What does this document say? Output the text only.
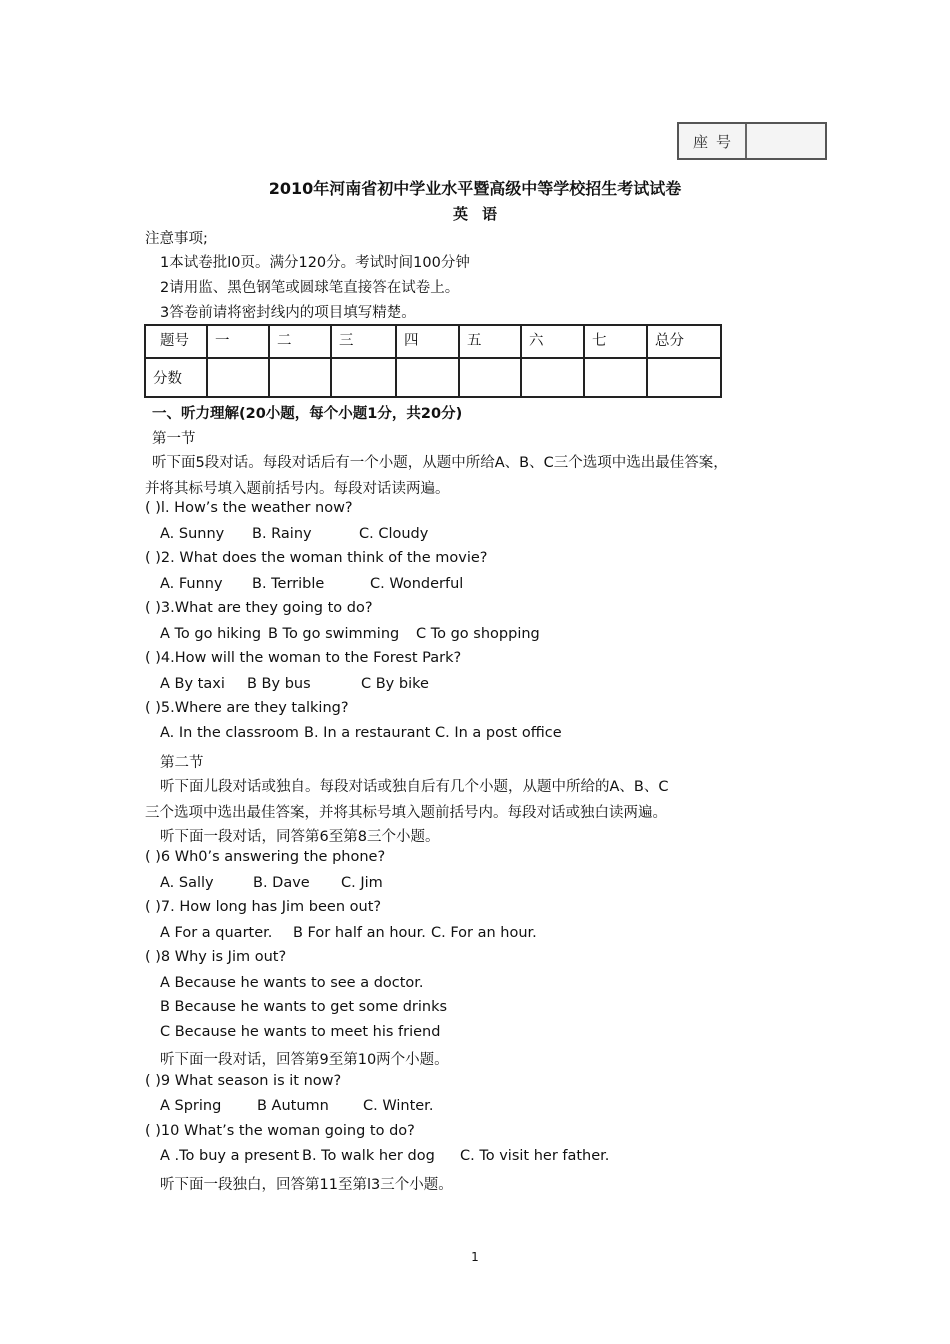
座号
2010年河南省初中学业水平暨高级中等学校招生考试试卷
英语
注意事项;
1本试卷批l0页。满分120分。考试时间100分钟
2请用监、黑色钢笔或圆球笔直接答在试卷上。
3答卷前请将密封线内的项目填写精楚。
题号	一	二	三	四	五	六	七	总分
分数								
一、听力理解(20小题，每个小题1分，共20分)
第一节
听下面5段对话。每段对话后有一个小题，从题中所给A、B、C三个选项中选出最佳答案，
并将其标号填入题前括号内。每段对话读两遍。
( )l. How’s the weather now?
A. Sunny B. Rainy	C. Cloudy
( )2. What does the woman think of the movie?
A. Funny B. Terrible	C. Wonderful
( )3.What are they going to do?
A To go hiking B To go swimming C To go shopping
( )4.How will the woman to the Forest Park?
A By taxi B By bus	C By bike
( )5.Where are they talking?
A. In the classroom B. In a restaurant C. In a post office
第二节
听下面儿段对话或独自。每段对话或独自后有几个小题，从题中所给的A、B、C
三个选项中选出最佳答案，并将其标号填入题前括号内。每段对话或独白读两遍。
听下面一段对话，同答第6至第8三个小题。
( )6 Wh0’s answering the phone?
A. Sally	B. Dave C. Jim
( )7. How long has Jim been out?
A For a quarter. B For half an hour. C. For an hour.
( )8 Why is Jim out?
A Because he wants to see a doctor.
B Because he wants to get some drinks
C Because he wants to meet his friend
听下面一段对话，回答第9至第10两个小题。
( )9 What season is it now?
A Spring B Autumn C. Winter.
( )10 What’s the woman going to do?
A .To buy a present B. To walk her dog C. To visit her father.
听下面一段独白，回答第11至第l3三个小题。
1
